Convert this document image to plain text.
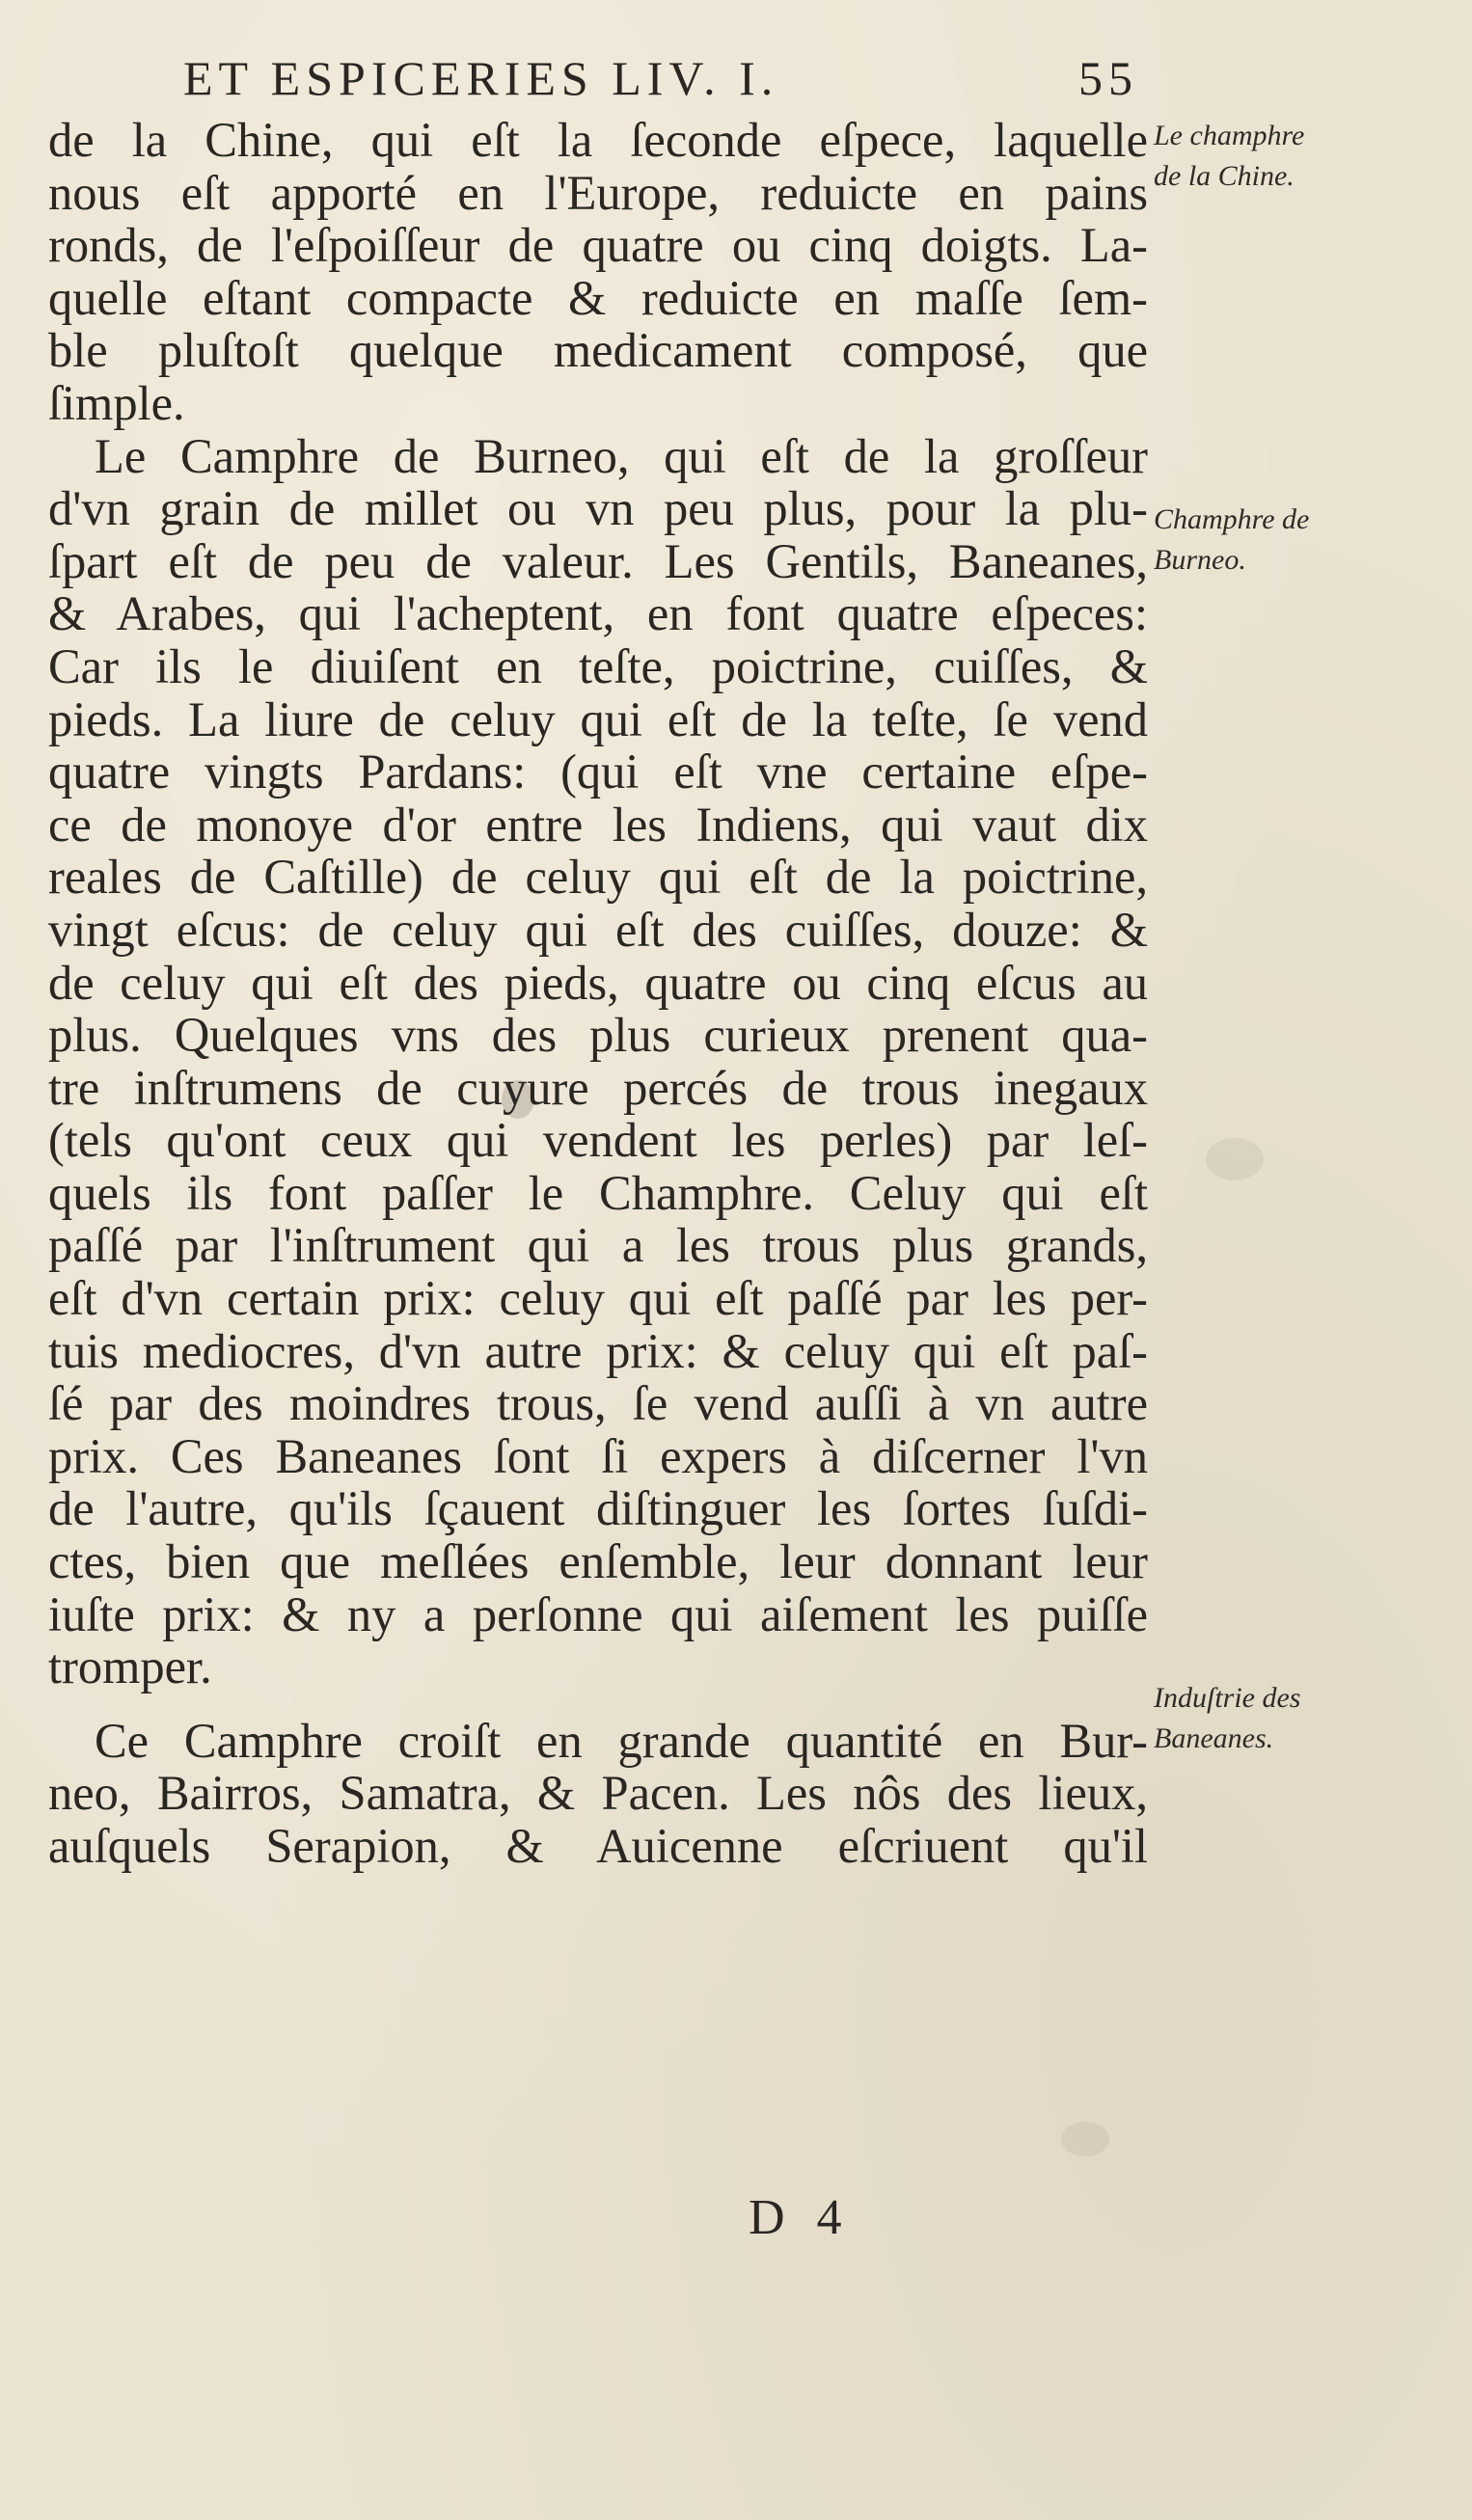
ET ESPICERIES LIV. I.	55
de la Chine, qui eſt la ſeconde eſpece, laquelle
nous eſt apporté en l'Europe, reduicte en pains
ronds, de l'eſpoiſſeur de quatre ou cinq doigts. La-
quelle eſtant compacte & reduicte en maſſe ſem-
ble pluſtoſt quelque medicament composé, que
ſimple.
Le Camphre de Burneo, qui eſt de la groſſeur
d'vn grain de millet ou vn peu plus, pour la plu-
ſpart eſt de peu de valeur. Les Gentils, Baneanes,
& Arabes, qui l'acheptent, en font quatre eſpeces:
Car ils le diuiſent en teſte, poictrine, cuiſſes, &
pieds. La liure de celuy qui eſt de la teſte, ſe vend
quatre vingts Pardans: (qui eſt vne certaine eſpe-
ce de monoye d'or entre les Indiens, qui vaut dix
reales de Caſtille) de celuy qui eſt de la poictrine,
vingt eſcus: de celuy qui eſt des cuiſſes, douze: &
de celuy qui eſt des pieds, quatre ou cinq eſcus au
plus. Quelques vns des plus curieux prenent qua-
tre inſtrumens de cuyure percés de trous inegaux
(tels qu'ont ceux qui vendent les perles) par leſ-
quels ils font paſſer le Champhre. Celuy qui eſt
paſſé par l'inſtrument qui a les trous plus grands,
eſt d'vn certain prix: celuy qui eſt paſſé par les per-
tuis mediocres, d'vn autre prix: & celuy qui eſt paſ-
ſé par des moindres trous, ſe vend auſſi à vn autre
prix. Ces Baneanes ſont ſi expers à diſcerner l'vn
de l'autre, qu'ils ſçauent diſtinguer les ſortes ſuſdi-
ctes, bien que meſlées enſemble, leur donnant leur
iuſte prix: & ny a perſonne qui aiſement les puiſſe
tromper.
Ce Camphre croiſt en grande quantité en Bur-
neo, Bairros, Samatra, & Pacen. Les nôs des lieux,
auſquels Serapion, & Auicenne eſcriuent qu'il
Le champhre
de la Chine.
Champhre de
Burneo.
Induſtrie des
Baneanes.
D 4
